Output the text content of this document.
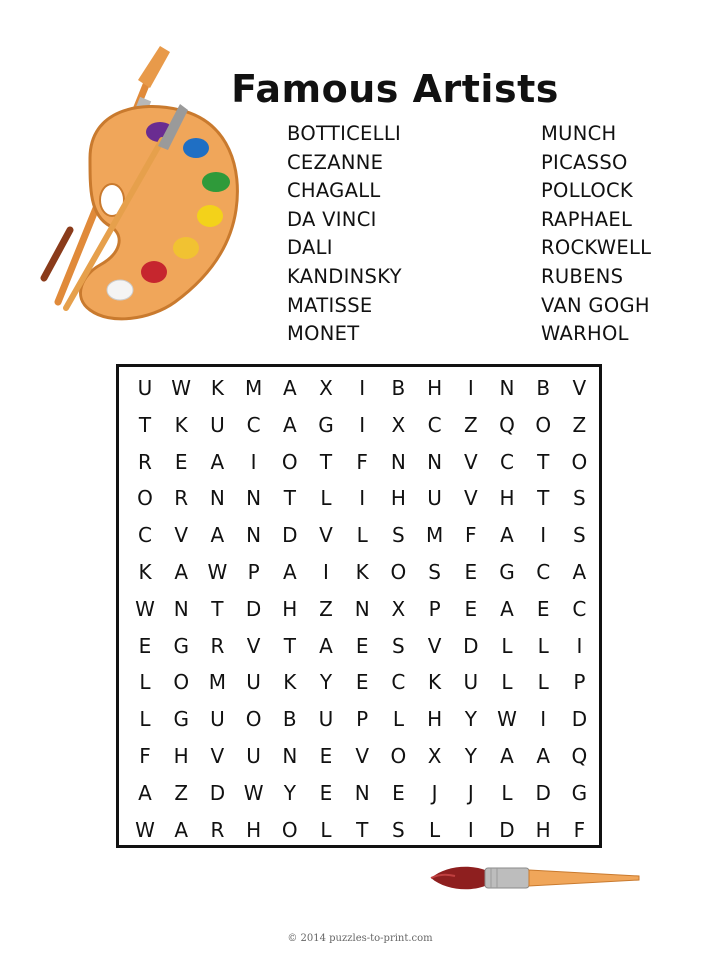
Famous Artists
BOTTICELLI
CEZANNE
CHAGALL
DA VINCI
DALI
KANDINSKY
MATISSE
MONET
MUNCH
PICASSO
POLLOCK
RAPHAEL
ROCKWELL
RUBENS
VAN GOGH
WARHOL
U W K	M	A	X	I	B	H	I	N	B	V
T	K	U	C	A	G	I	X	C	Z	Q	O	Z
R	E	A	I	O	T	F	N	N	V	C	T	O
O	R	N	N	T	L	I	H	U	V	H	T	S
C	V	A	N	D	V	L	S	M	F	A	I	S
K	A W	P	A	I	K	O	S	E	G	C	A
W N	T	D	H	Z	N	X	P	E	A	E	C
E	G	R	V	T	A	E	S	V	D	L	L	I
L	O M	U	K	Y	E	C	K	U	L	L	P
L	G	U	O	B	U	P	L	H	Y	W	I	D
F	H	V	U	N	E	V	O	X	Y	A	A	Q
A	Z	D W	Y	E	N	E	J	J	L	D	G
W A	R	H	O	L	T	S	L	I	D	H	F
© 2014 puzzles-to-print.com
